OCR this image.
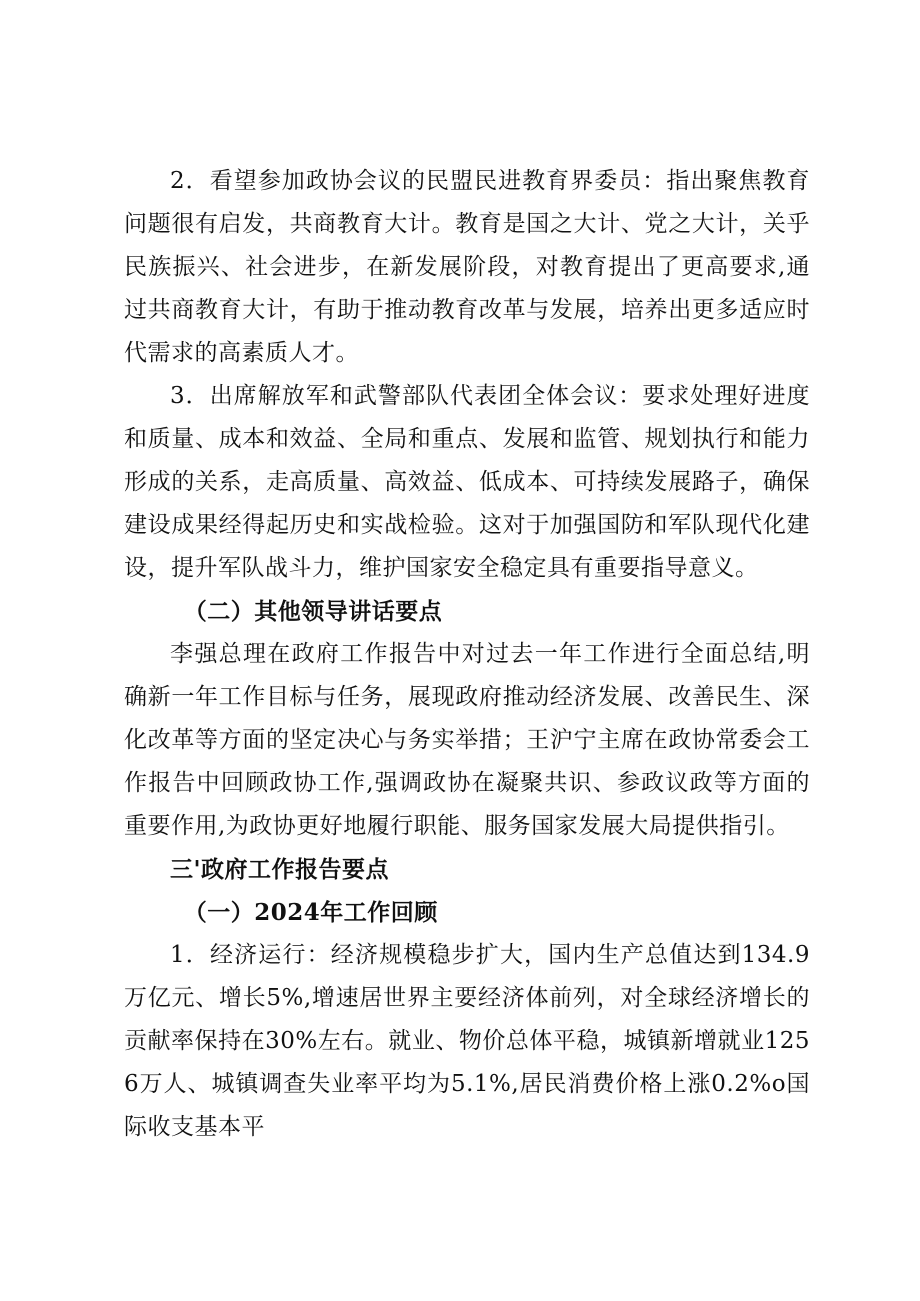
2．看望参加政协会议的民盟民进教育界委员：指出聚焦教育问题很有启发，共商教育大计。教育是国之大计、党之大计，关乎民族振兴、社会进步，在新发展阶段，对教育提出了更高要求,通过共商教育大计，有助于推动教育改革与发展，培养出更多适应时代需求的高素质人才。

3．出席解放军和武警部队代表团全体会议：要求处理好进度和质量、成本和效益、全局和重点、发展和监管、规划执行和能力形成的关系，走高质量、高效益、低成本、可持续发展路子，确保建设成果经得起历史和实战检验。这对于加强国防和军队现代化建设，提升军队战斗力，维护国家安全稳定具有重要指导意义。

（二）其他领导讲话要点

李强总理在政府工作报告中对过去一年工作进行全面总结,明确新一年工作目标与任务，展现政府推动经济发展、改善民生、深化改革等方面的坚定决心与务实举措；王沪宁主席在政协常委会工作报告中回顾政协工作,强调政协在凝聚共识、参政议政等方面的重要作用,为政协更好地履行职能、服务国家发展大局提供指引。

三'政府工作报告要点

（一）2024年工作回顾

1．经济运行：经济规模稳步扩大，国内生产总值达到134.9万亿元、增长5%,增速居世界主要经济体前列，对全球经济增长的贡献率保持在30%左右。就业、物价总体平稳，城镇新增就业1256万人、城镇调查失业率平均为5.1%,居民消费价格上涨0.2%o国际收支基本平
